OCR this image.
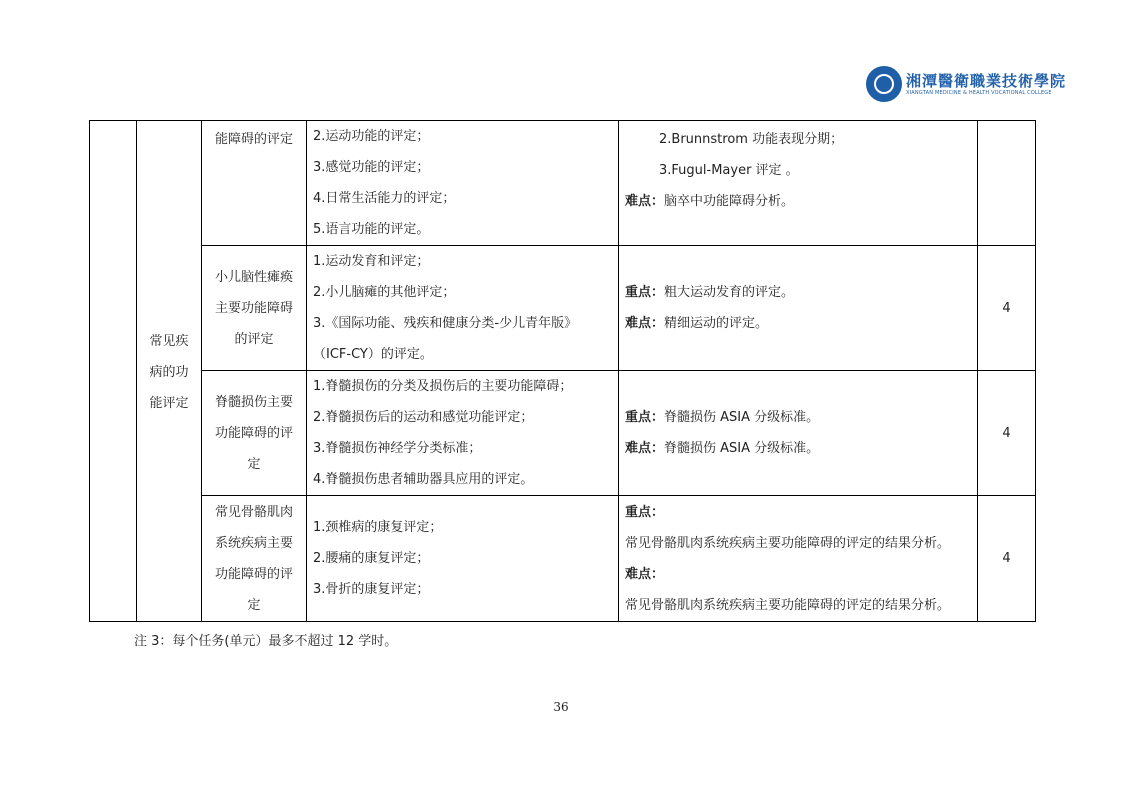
湘潭醫衛職業技術學院
XIANGTAN MEDICINE & HEALTH VOCATIONAL COLLEGE

	常见疾
病的功
能评定	能障碍的评定	2.运动功能的评定；
3.感觉功能的评定；
4.日常生活能力的评定；
5.语言功能的评定。	2.Brunnstrom 功能表现分期；
3.Fugul-Mayer 评定 。
难点：脑卒中功能障碍分析。	

		小儿脑性瘫痪
主要功能障碍
的评定	1.运动发育和评定；
2.小儿脑瘫的其他评定；
3.《国际功能、残疾和健康分类-少儿青年版》
（ICF-CY）的评定。	重点：粗大运动发育的评定。
难点：精细运动的评定。	4

		脊髓损伤主要
功能障碍的评
定	1.脊髓损伤的分类及损伤后的主要功能障碍；
2.脊髓损伤后的运动和感觉功能评定；
3.脊髓损伤神经学分类标准；
4.脊髓损伤患者辅助器具应用的评定。	重点：脊髓损伤 ASIA 分级标准。
难点：脊髓损伤 ASIA 分级标准。	4

		常见骨骼肌肉
系统疾病主要
功能障碍的评
定	1.颈椎病的康复评定；
2.腰痛的康复评定；
3.骨折的康复评定；	重点：
常见骨骼肌肉系统疾病主要功能障碍的评定的结果分析。
难点：
常见骨骼肌肉系统疾病主要功能障碍的评定的结果分析。	4
注 3：每个任务(单元）最多不超过 12 学时。
36
